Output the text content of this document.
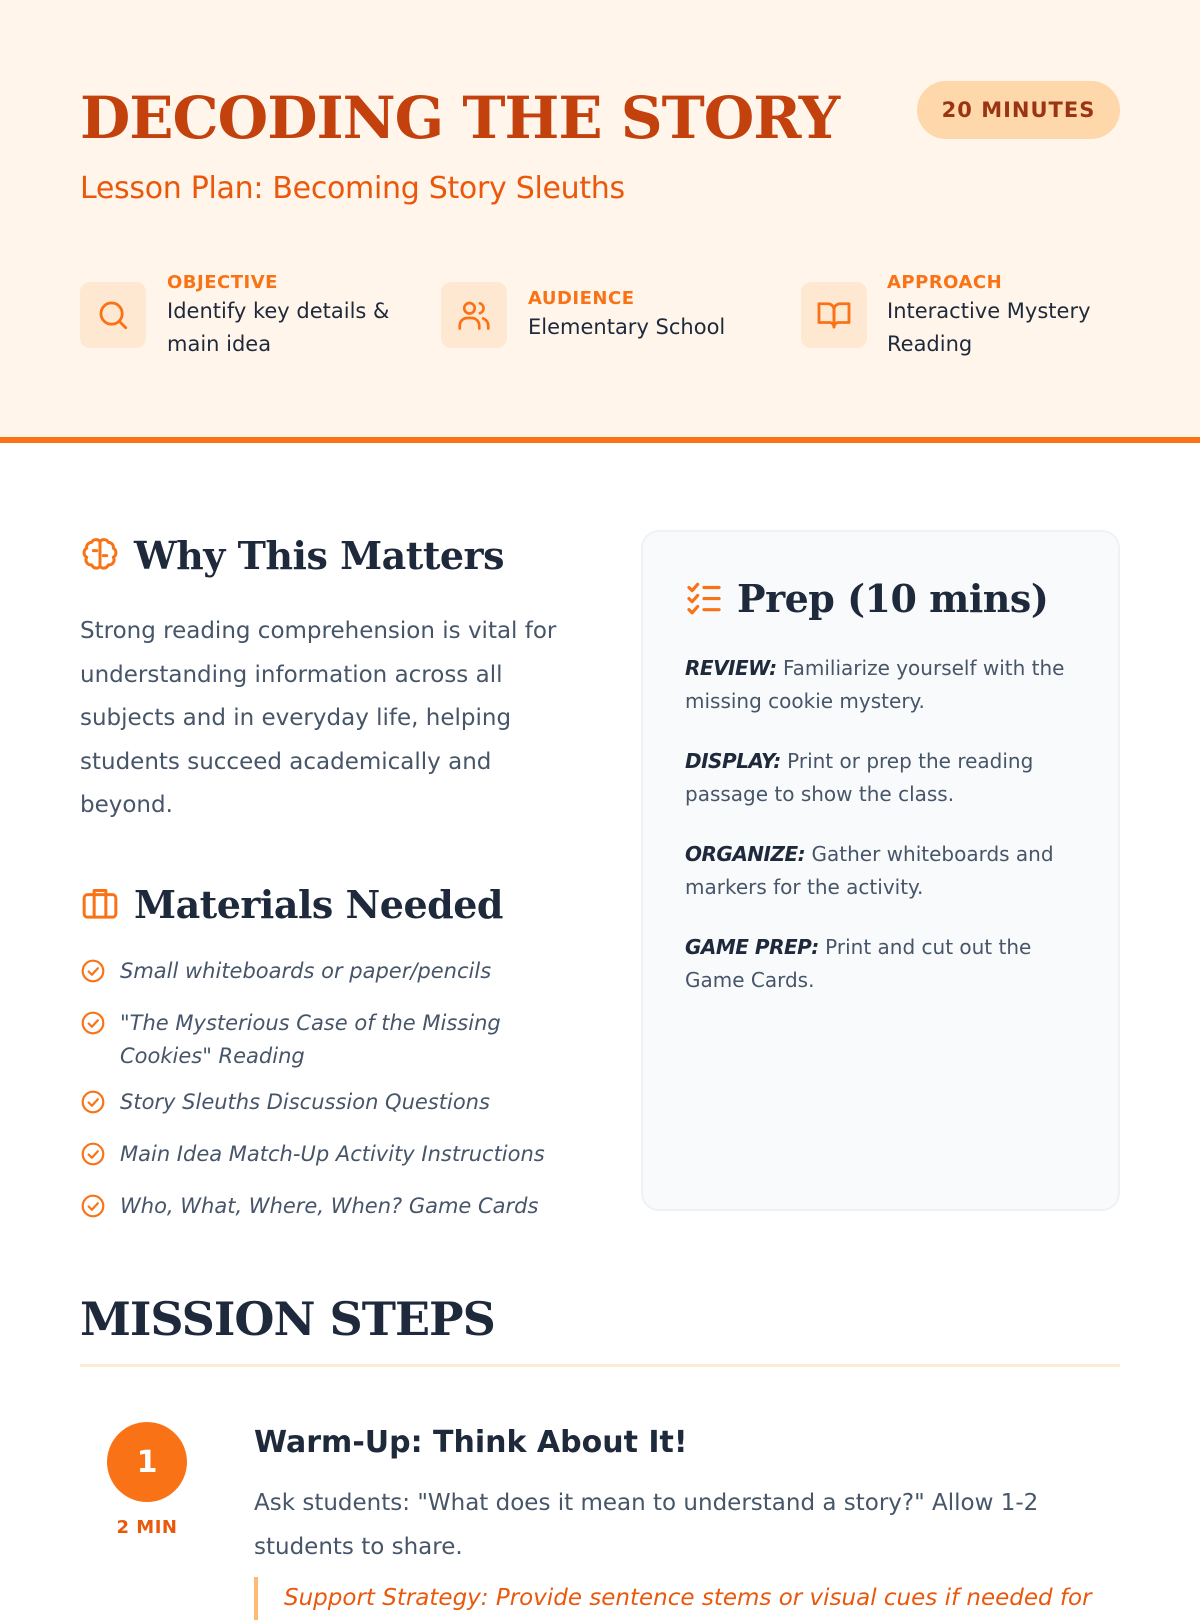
DECODING THE STORY
Lesson Plan: Becoming Story Sleuths
20 MINUTES
OBJECTIVE
Identify key details & main idea
AUDIENCE
Elementary School
APPROACH
Interactive Mystery Reading
Why This Matters

Strong reading comprehension is vital for understanding information across all subjects and in everyday life, helping students succeed academically and beyond.

Materials Needed
Small whiteboards or paper/pencils
"The Mysterious Case of the Missing Cookies" Reading
Story Sleuths Discussion Questions
Main Idea Match-Up Activity Instructions
Who, What, Where, When? Game Cards
Prep (10 mins)

REVIEW: Familiarize yourself with the missing cookie mystery.

DISPLAY: Print or prep the reading passage to show the class.

ORGANIZE: Gather whiteboards and markers for the activity.

GAME PREP: Print and cut out the Game Cards.

MISSION STEPS
1
2 MIN
Warm-Up: Think About It!

Ask students: "What does it mean to understand a story?" Allow 1-2 students to share.

Support Strategy: Provide sentence stems or visual cues if needed for
